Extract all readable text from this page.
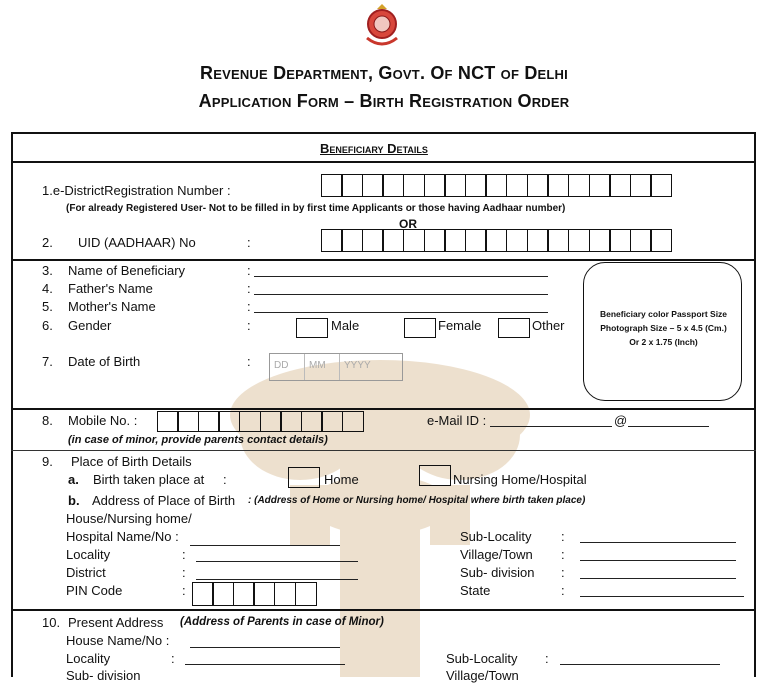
Revenue Department, Govt. Of NCT of Delhi
Application Form – Birth Registration Order
Beneficiary Details
1.e-DistrictRegistration Number :
(For already Registered User- Not to be filled in by first time Applicants or those having Aadhaar number)
OR
2. UID (AADHAAR) No	:
3. Name of Beneficiary	:
4. Father's Name	:
5. Mother's Name	:
6. Gender	:	Male	Female	Other
7. Date of Birth	:	DD	MM	YYYY
Beneficiary color Passport Size Photograph Size – 5 x 4.5 (Cm.) Or 2 x 1.75 (Inch)
8. Mobile No. :	e-Mail ID :	@
(in case of minor, provide parents contact details)
9. Place of Birth Details
a. Birth taken place at :	Home	Nursing Home/Hospital
b. Address of Place of Birth : (Address of Home or Nursing home/ Hospital where birth taken place)
House/Nursing home/
Hospital Name/No :
Locality	:
District	:
PIN Code	:
Sub-Locality :
Village/Town :
Sub- division :
State	:
10. Present Address (Address of Parents in case of Minor)
House Name/No :
Locality	:
Sub- division
Sub-Locality :
Village/Town
